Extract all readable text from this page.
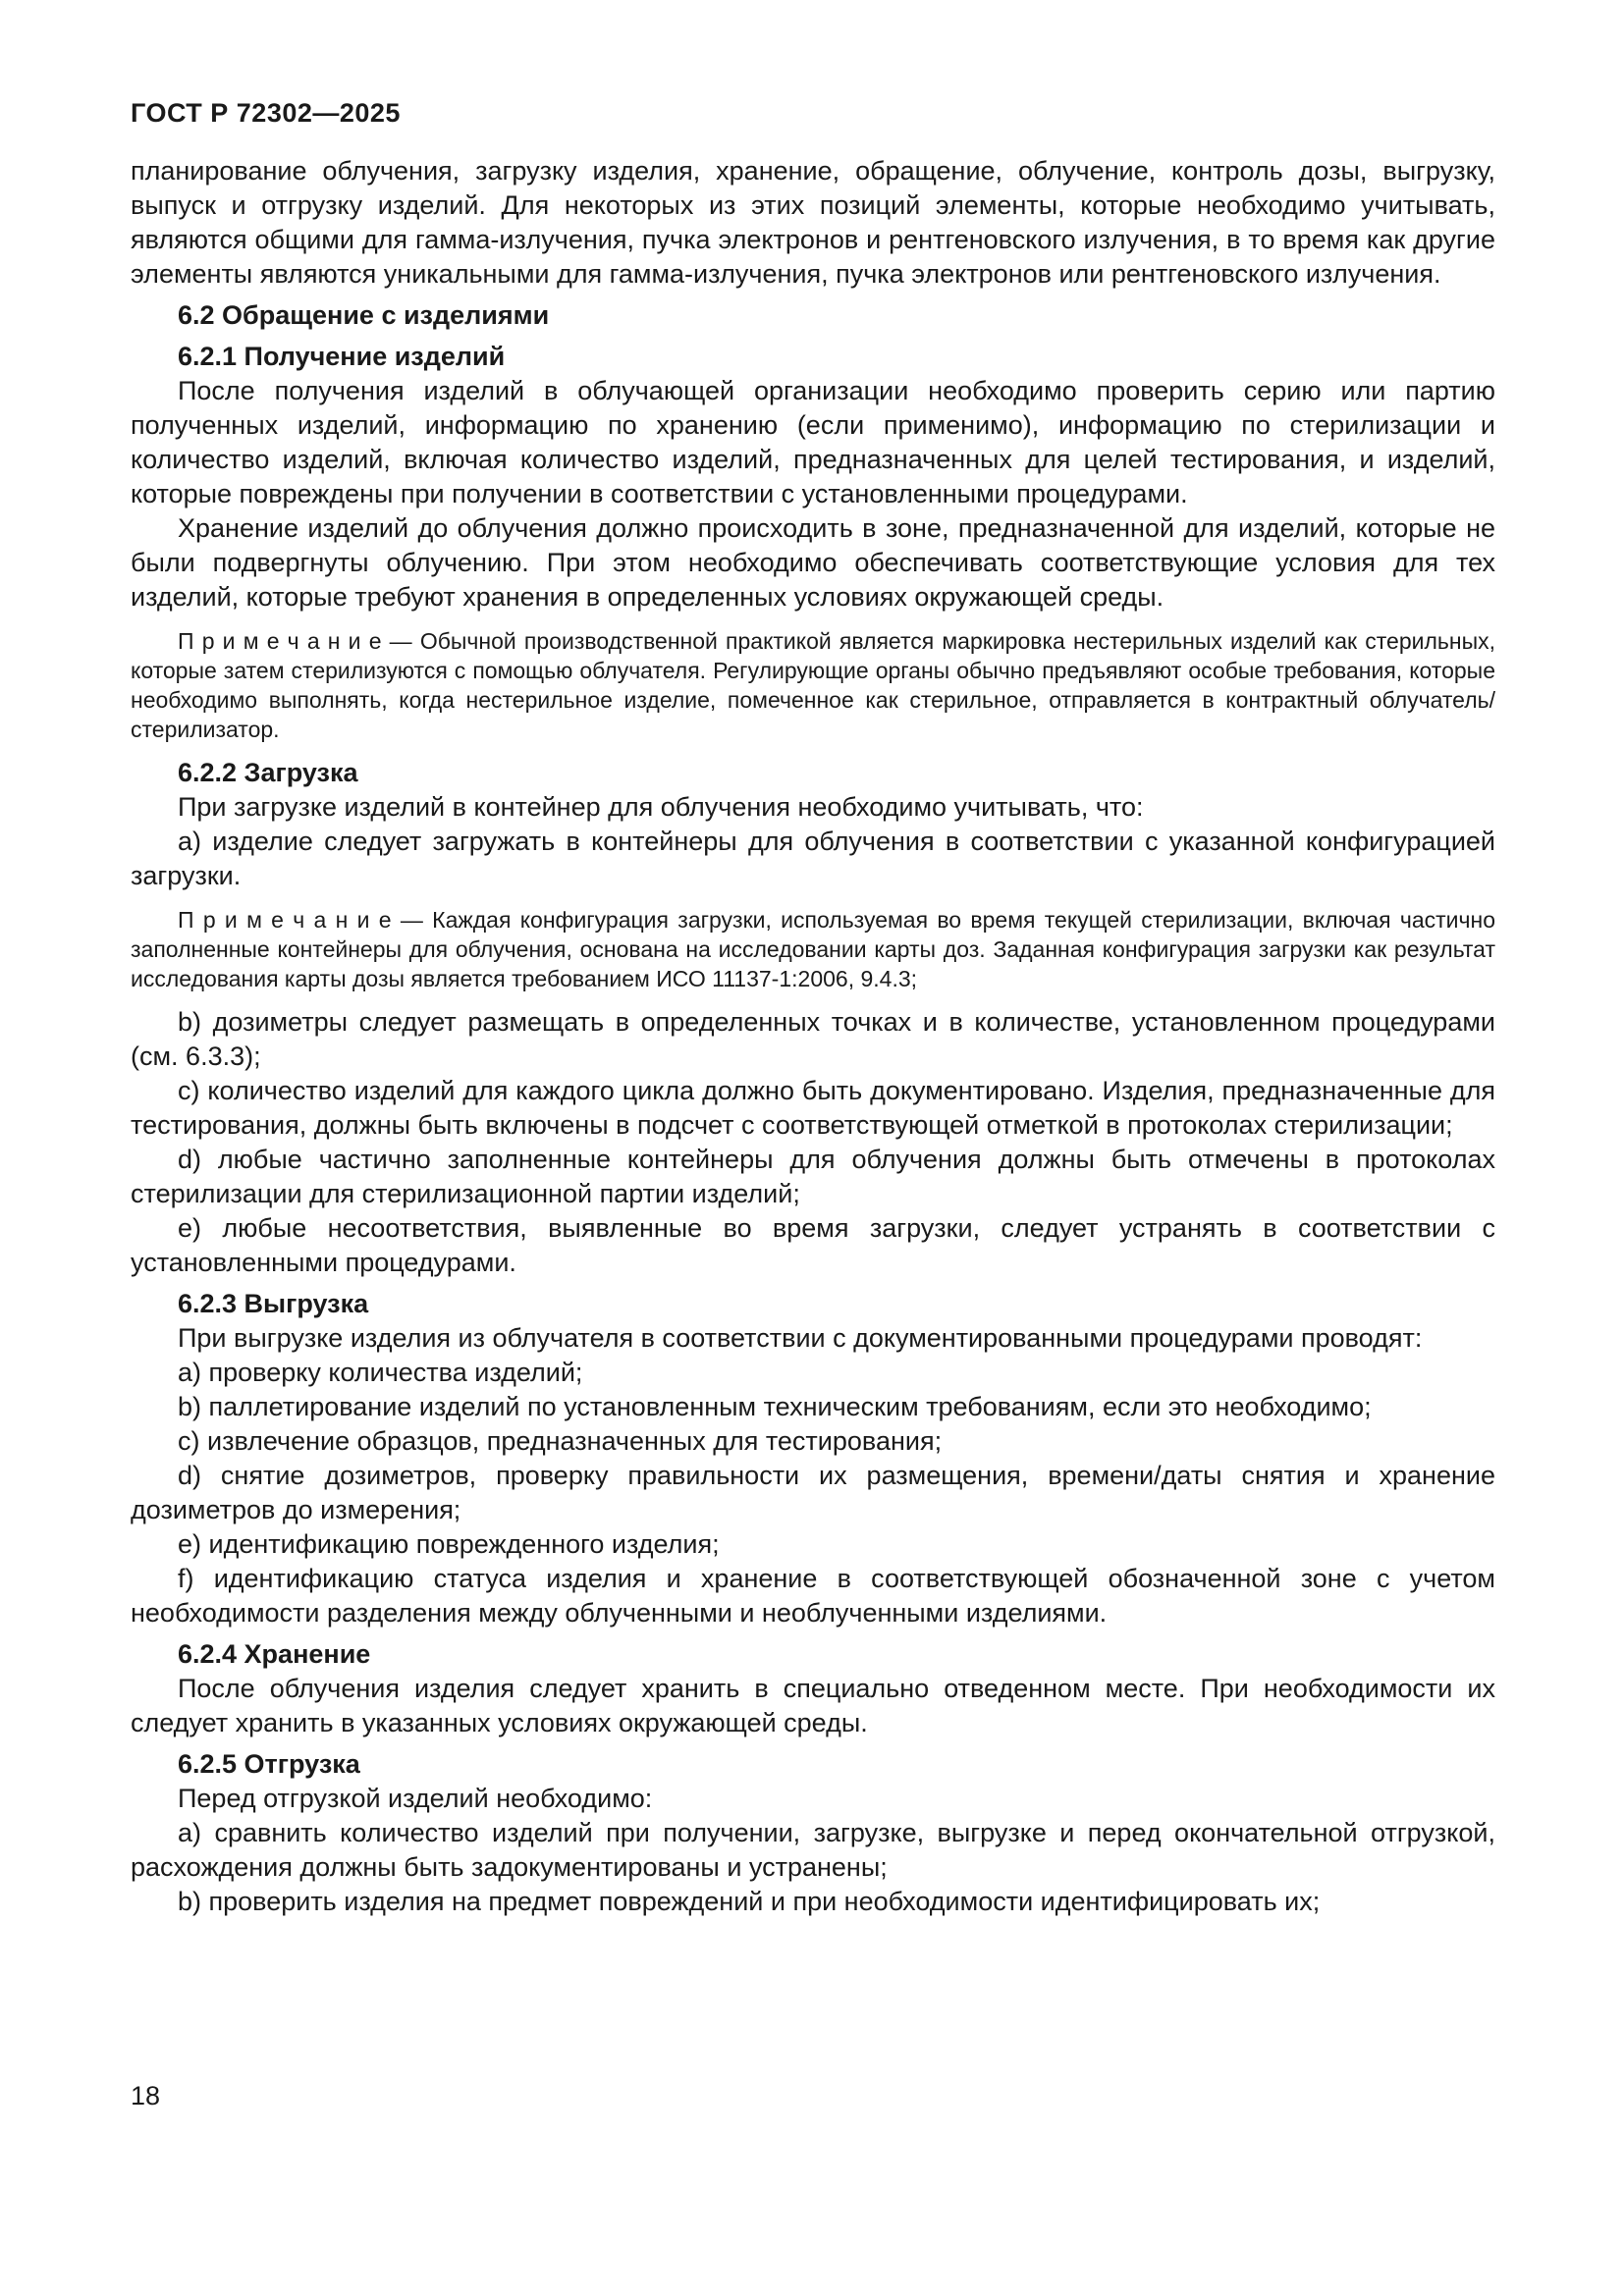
ГОСТ Р 72302—2025

планирование облучения, загрузку изделия, хранение, обращение, облучение, контроль дозы, выгрузку, выпуск и отгрузку изделий. Для некоторых из этих позиций элементы, которые необходимо учитывать, являются общими для гамма-излучения, пучка электронов и рентгеновского излучения, в то время как другие элементы являются уникальными для гамма-излучения, пучка электронов или рентгеновского излучения.

6.2 Обращение с изделиями

6.2.1 Получение изделий

После получения изделий в облучающей организации необходимо проверить серию или партию полученных изделий, информацию по хранению (если применимо), информацию по стерилизации и количество изделий, включая количество изделий, предназначенных для целей тестирования, и изделий, которые повреждены при получении в соответствии с установленными процедурами.

Хранение изделий до облучения должно происходить в зоне, предназначенной для изделий, которые не были подвергнуты облучению. При этом необходимо обеспечивать соответствующие условия для тех изделий, которые требуют хранения в определенных условиях окружающей среды.

П р и м е ч а н и е — Обычной производственной практикой является маркировка нестерильных изделий как стерильных, которые затем стерилизуются с помощью облучателя. Регулирующие органы обычно предъявляют особые требования, которые необходимо выполнять, когда нестерильное изделие, помеченное как стерильное, отправляется в контрактный облучатель/стерилизатор.

6.2.2 Загрузка

При загрузке изделий в контейнер для облучения необходимо учитывать, что:

а) изделие следует загружать в контейнеры для облучения в соответствии с указанной конфигурацией загрузки.

П р и м е ч а н и е — Каждая конфигурация загрузки, используемая во время текущей стерилизации, включая частично заполненные контейнеры для облучения, основана на исследовании карты доз. Заданная конфигурация загрузки как результат исследования карты дозы является требованием ИСО 11137-1:2006, 9.4.3;

b) дозиметры следует размещать в определенных точках и в количестве, установленном процедурами (см. 6.3.3);

c) количество изделий для каждого цикла должно быть документировано. Изделия, предназначенные для тестирования, должны быть включены в подсчет с соответствующей отметкой в протоколах стерилизации;

d) любые частично заполненные контейнеры для облучения должны быть отмечены в протоколах стерилизации для стерилизационной партии изделий;

e) любые несоответствия, выявленные во время загрузки, следует устранять в соответствии с установленными процедурами.

6.2.3 Выгрузка

При выгрузке изделия из облучателя в соответствии с документированными процедурами проводят:

а) проверку количества изделий;

b) паллетирование изделий по установленным техническим требованиям, если это необходимо;

c) извлечение образцов, предназначенных для тестирования;

d) снятие дозиметров, проверку правильности их размещения, времени/даты снятия и хранение дозиметров до измерения;

e) идентификацию поврежденного изделия;

f) идентификацию статуса изделия и хранение в соответствующей обозначенной зоне с учетом необходимости разделения между облученными и необлученными изделиями.

6.2.4 Хранение

После облучения изделия следует хранить в специально отведенном месте. При необходимости их следует хранить в указанных условиях окружающей среды.

6.2.5 Отгрузка

Перед отгрузкой изделий необходимо:

а) сравнить количество изделий при получении, загрузке, выгрузке и перед окончательной отгрузкой, расхождения должны быть задокументированы и устранены;

b) проверить изделия на предмет повреждений и при необходимости идентифицировать их;

18
